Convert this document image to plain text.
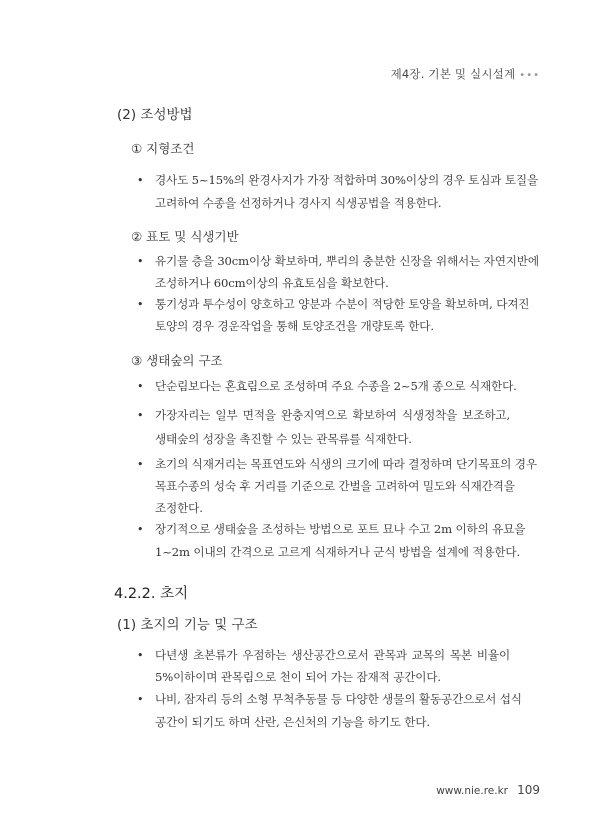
제4장. 기본 및 실시설계 •••
(2) 조성방법
① 지형조건
• 경사도 5~15%의 완경사지가 가장 적합하며 30%이상의 경우 토심과 토질을
고려하여 수종을 선정하거나 경사지 식생공법을 적용한다.
② 표토 및 식생기반
• 유기물 층을 30cm이상 확보하며, 뿌리의 충분한 신장을 위해서는 자연지반에
조성하거나 60cm이상의 유효토심을 확보한다.
• 통기성과 투수성이 양호하고 양분과 수분이 적당한 토양을 확보하며, 다져진
토양의 경우 경운작업을 통해 토양조건을 개량토록 한다.
③ 생태숲의 구조
• 단순림보다는 혼효림으로 조성하며 주요 수종을 2~5개 종으로 식재한다.
• 가장자리는 일부 면적을 완충지역으로 확보하여 식생정착을 보조하고,
생태숲의 성장을 촉진할 수 있는 관목류를 식재한다.
• 초기의 식재거리는 목표연도와 식생의 크기에 따라 결정하며 단기목표의 경우
목표수종의 성숙 후 거리를 기준으로 간벌을 고려하여 밀도와 식재간격을
조정한다.
• 장기적으로 생태숲을 조성하는 방법으로 포트 묘나 수고 2m 이하의 유묘을
1~2m 이내의 간격으로 고르게 식재하거나 군식 방법을 설계에 적용한다.
4.2.2. 초지
(1) 초지의 기능 및 구조
• 다년생 초본류가 우점하는 생산공간으로서 관목과 교목의 목본 비율이
5%이하이며 관목림으로 천이 되어 가는 잠재적 공간이다.
• 나비, 잠자리 등의 소형 무척추동물 등 다양한 생물의 활동공간으로서 섭식
공간이 되기도 하며 산란, 은신처의 기능을 하기도 한다.
www.nie.re.kr 109
